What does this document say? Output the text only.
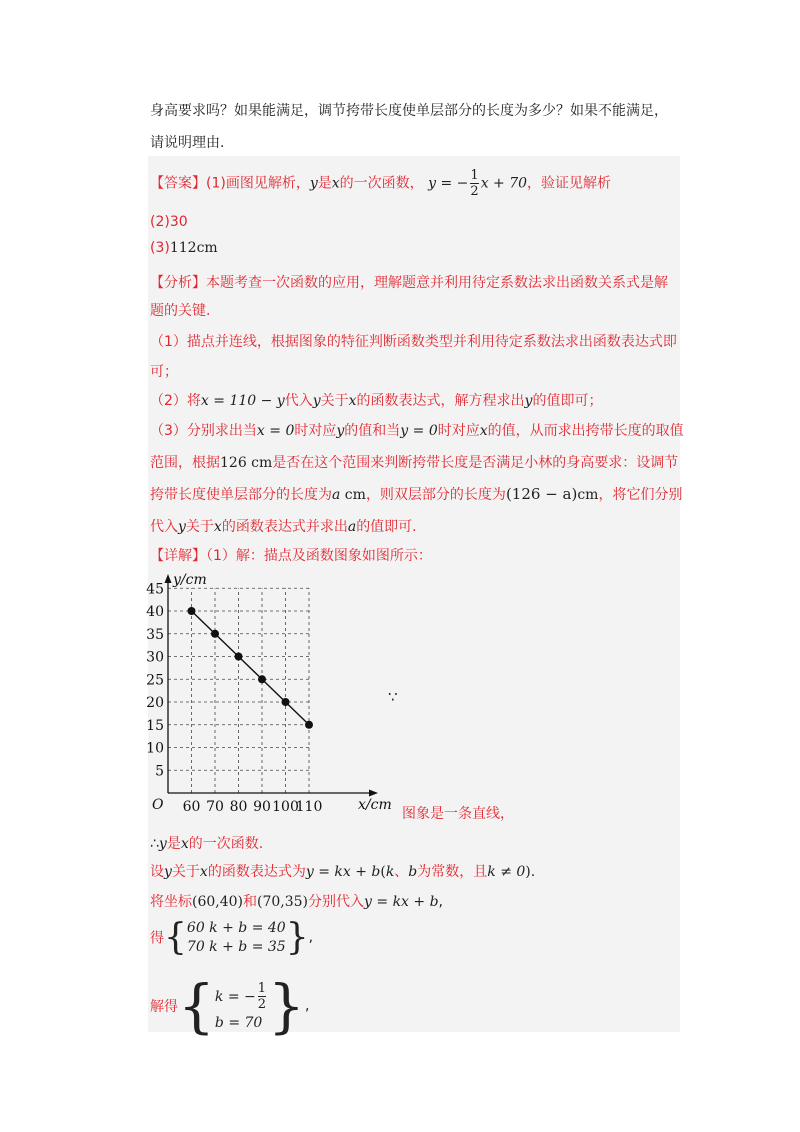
身高要求吗？如果能满足，调节挎带长度使单层部分的长度为多少？如果不能满足，
请说明理由.
【答案】(1)画图见解析，y是x的一次函数， y = − $\frac{1}{2}$ x + 70，验证见解析
(2)30
(3)112cm
【分析】本题考查一次函数的应用，理解题意并利用待定系数法求出函数关系式是解
题的关键.
（1）描点并连线，根据图象的特征判断函数类型并利用待定系数法求出函数表达式即
可；
（2）将x = 110 − y代入y关于x的函数表达式，解方程求出y的值即可；
（3）分别求出当x = 0时对应y的值和当y = 0时对应x的值，从而求出挎带长度的取值
范围，根据126 cm是否在这个范围来判断挎带长度是否满足小林的身高要求：设调节
挎带长度使单层部分的长度为a cm，则双层部分的长度为(126 − a)cm，将它们分别
代入y关于x的函数表达式并求出a的值即可.
【详解】（1）解：描点及函数图象如图所示：
5
10
15
20
25
30
35
40
45
60 70 80 90 100
110
y/cm
x/cm
O
∵
图象是一条直线，
∴y是x的一次函数.
设y关于x的函数表达式为y = kx + b(k、b为常数，且k ≠ 0).
将坐标(60,40)和(70,35)分别代入y = kx + b,
得{ 60 k + b = 40
70 k + b = 35 },
解得{ k = − $\frac{1}{2}$
b = 70 },
